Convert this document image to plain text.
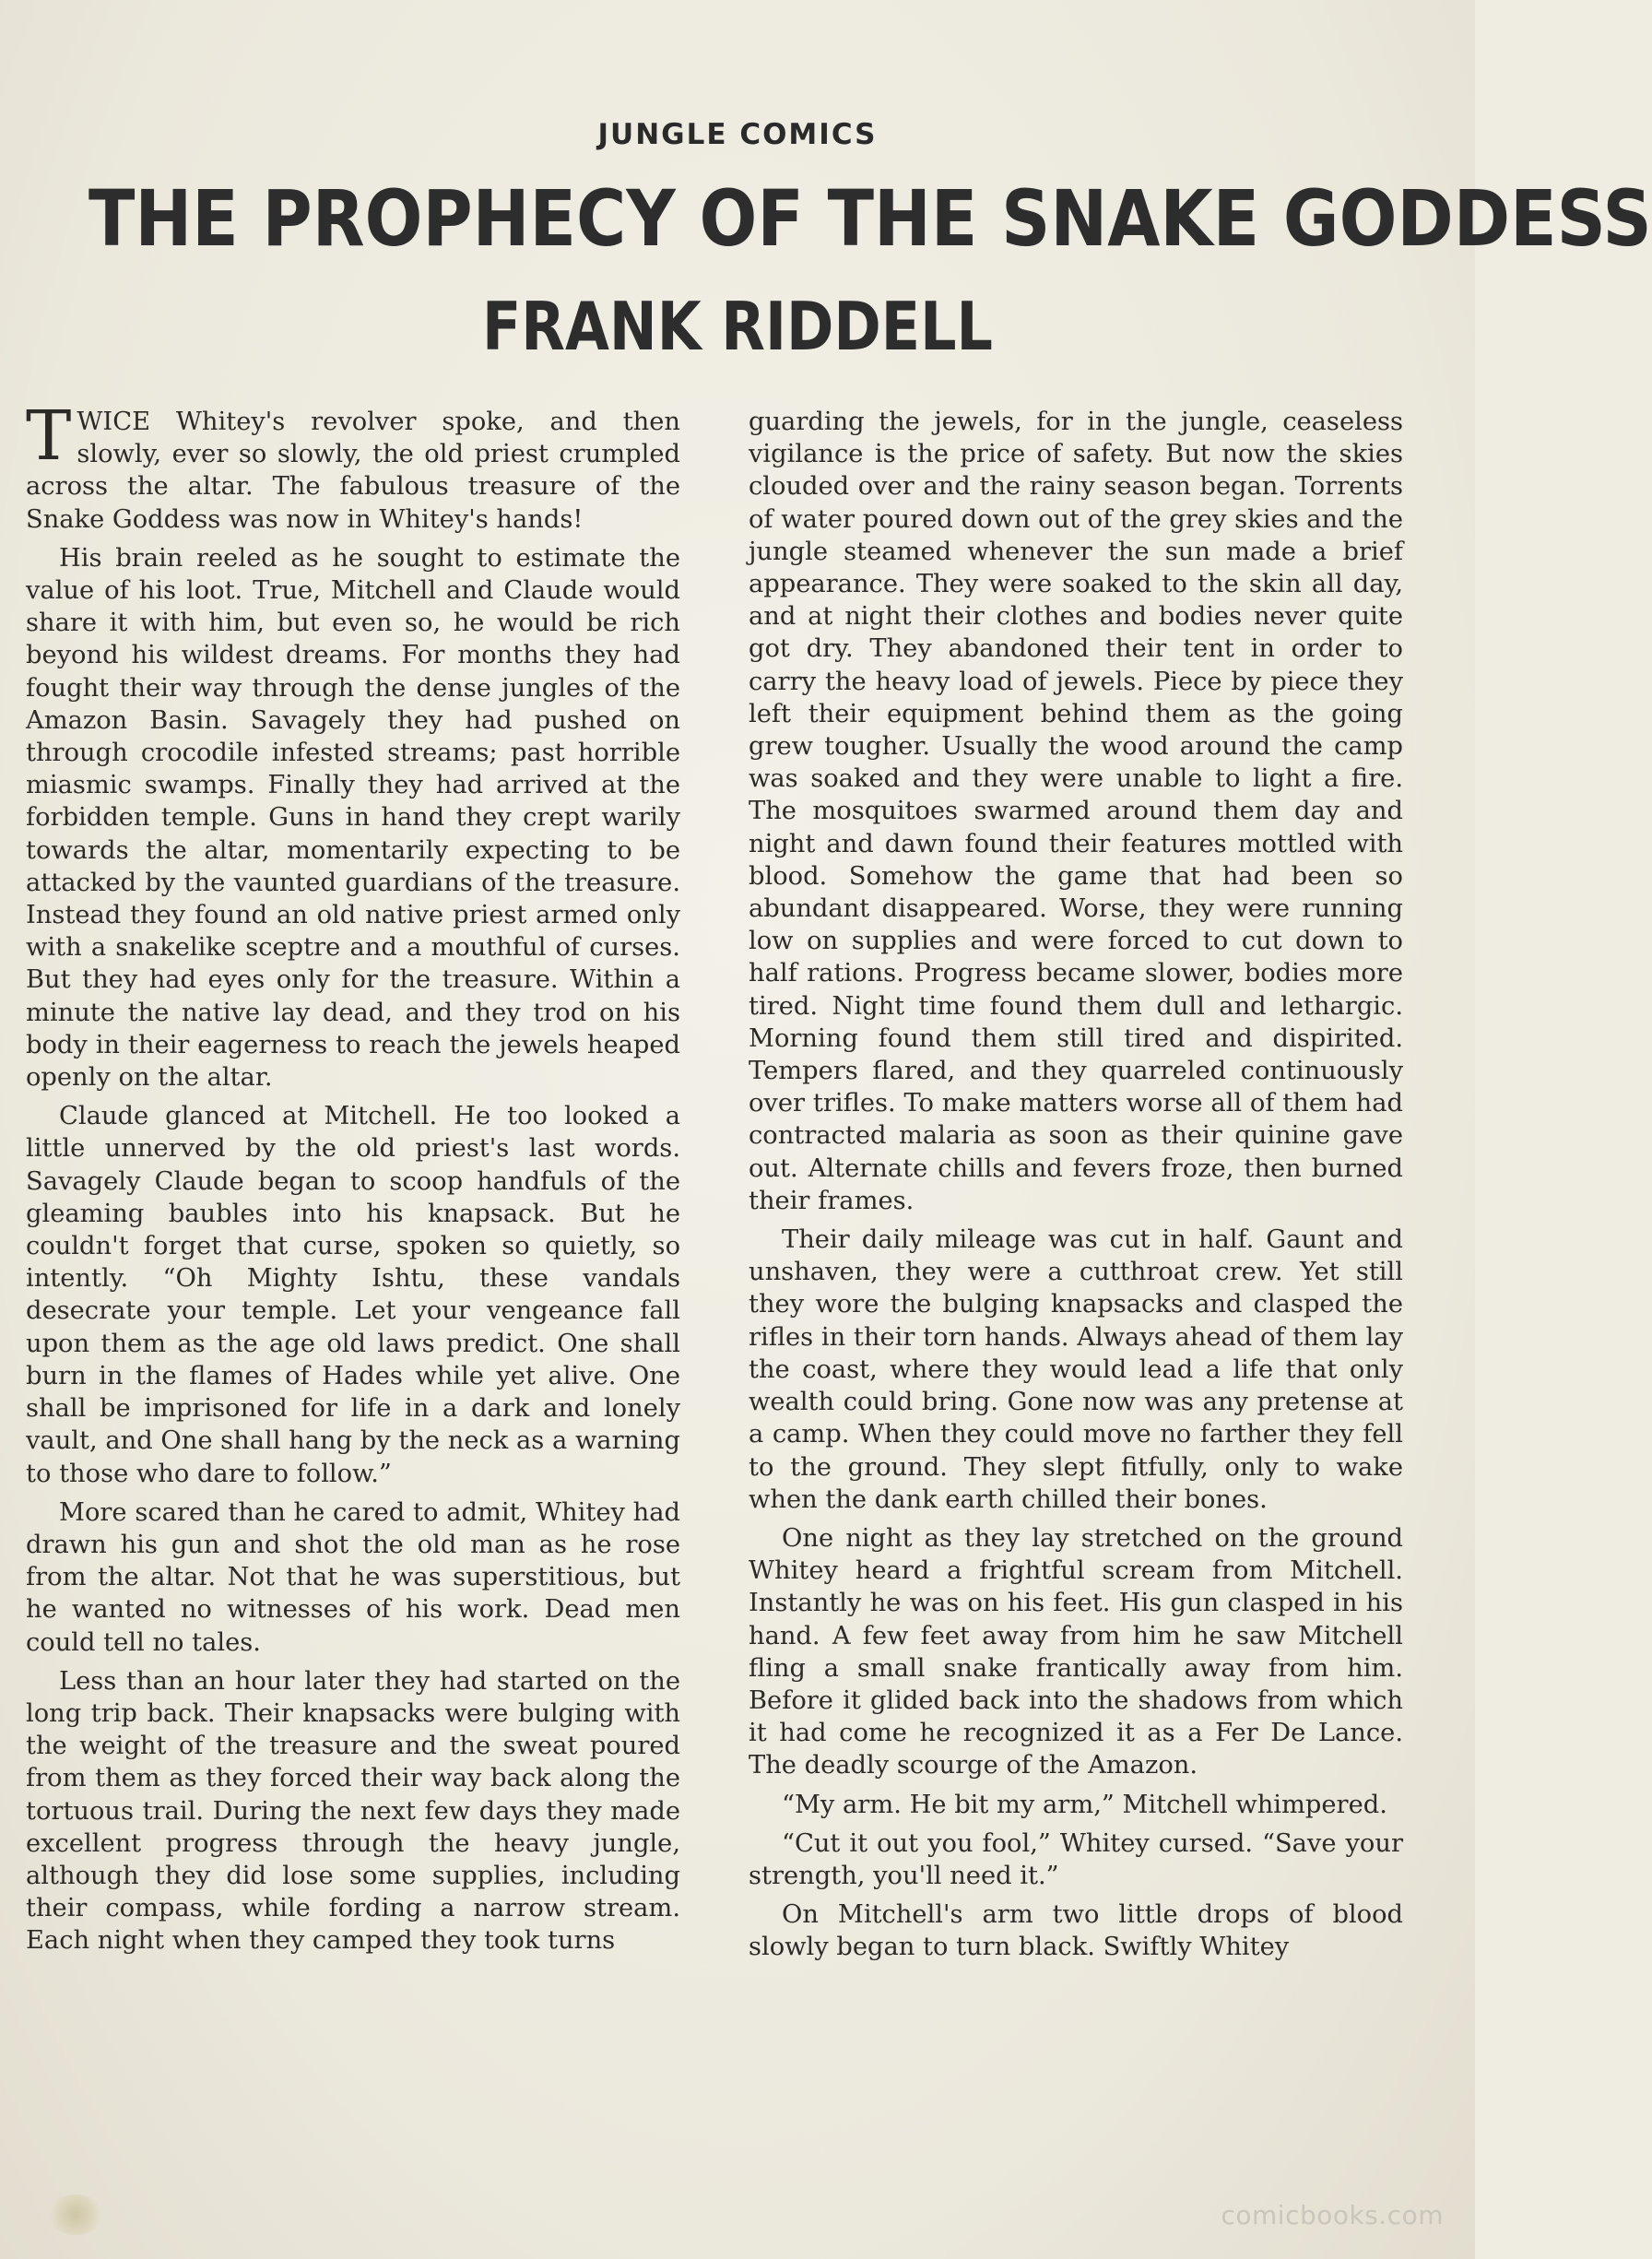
JUNGLE COMICS
THE PROPHECY OF THE SNAKE GODDESS
FRANK RIDDELL

TWICE Whitey's revolver spoke, and then slowly, ever so slowly, the old priest crumpled across the altar. The fabulous treasure of the Snake Goddess was now in Whitey's hands!

His brain reeled as he sought to estimate the value of his loot. True, Mitchell and Claude would share it with him, but even so, he would be rich beyond his wildest dreams. For months they had fought their way through the dense jungles of the Amazon Basin. Savagely they had pushed on through crocodile infested streams; past horrible miasmic swamps. Finally they had arrived at the forbidden temple. Guns in hand they crept warily towards the altar, momentarily expecting to be attacked by the vaunted guardians of the treasure. Instead they found an old native priest armed only with a snakelike sceptre and a mouthful of curses. But they had eyes only for the treasure. Within a minute the native lay dead, and they trod on his body in their eagerness to reach the jewels heaped openly on the altar.

Claude glanced at Mitchell. He too looked a little unnerved by the old priest's last words. Savagely Claude began to scoop handfuls of the gleaming baubles into his knapsack. But he couldn't forget that curse, spoken so quietly, so intently. “Oh Mighty Ishtu, these vandals desecrate your temple. Let your vengeance fall upon them as the age old laws predict. One shall burn in the flames of Hades while yet alive. One shall be imprisoned for life in a dark and lonely vault, and One shall hang by the neck as a warning to those who dare to follow.”

More scared than he cared to admit, Whitey had drawn his gun and shot the old man as he rose from the altar. Not that he was superstitious, but he wanted no witnesses of his work. Dead men could tell no tales.

Less than an hour later they had started on the long trip back. Their knapsacks were bulging with the weight of the treasure and the sweat poured from them as they forced their way back along the tortuous trail. During the next few days they made excellent progress through the heavy jungle, although they did lose some supplies, including their compass, while fording a narrow stream. Each night when they camped they took turns

guarding the jewels, for in the jungle, ceaseless vigilance is the price of safety. But now the skies clouded over and the rainy season began. Torrents of water poured down out of the grey skies and the jungle steamed whenever the sun made a brief appearance. They were soaked to the skin all day, and at night their clothes and bodies never quite got dry. They abandoned their tent in order to carry the heavy load of jewels. Piece by piece they left their equipment behind them as the going grew tougher. Usually the wood around the camp was soaked and they were unable to light a fire. The mosquitoes swarmed around them day and night and dawn found their features mottled with blood. Somehow the game that had been so abundant disappeared. Worse, they were running low on supplies and were forced to cut down to half rations. Progress became slower, bodies more tired. Night time found them dull and lethargic. Morning found them still tired and dispirited. Tempers flared, and they quarreled continuously over trifles. To make matters worse all of them had contracted malaria as soon as their quinine gave out. Alternate chills and fevers froze, then burned their frames.

Their daily mileage was cut in half. Gaunt and unshaven, they were a cutthroat crew. Yet still they wore the bulging knapsacks and clasped the rifles in their torn hands. Always ahead of them lay the coast, where they would lead a life that only wealth could bring. Gone now was any pretense at a camp. When they could move no farther they fell to the ground. They slept fitfully, only to wake when the dank earth chilled their bones.

One night as they lay stretched on the ground Whitey heard a frightful scream from Mitchell. Instantly he was on his feet. His gun clasped in his hand. A few feet away from him he saw Mitchell fling a small snake frantically away from him. Before it glided back into the shadows from which it had come he recognized it as a Fer De Lance. The deadly scourge of the Amazon.

“My arm. He bit my arm,” Mitchell whimpered.

“Cut it out you fool,” Whitey cursed. “Save your strength, you'll need it.”

On Mitchell's arm two little drops of blood slowly began to turn black. Swiftly Whitey

comicbooks.com
